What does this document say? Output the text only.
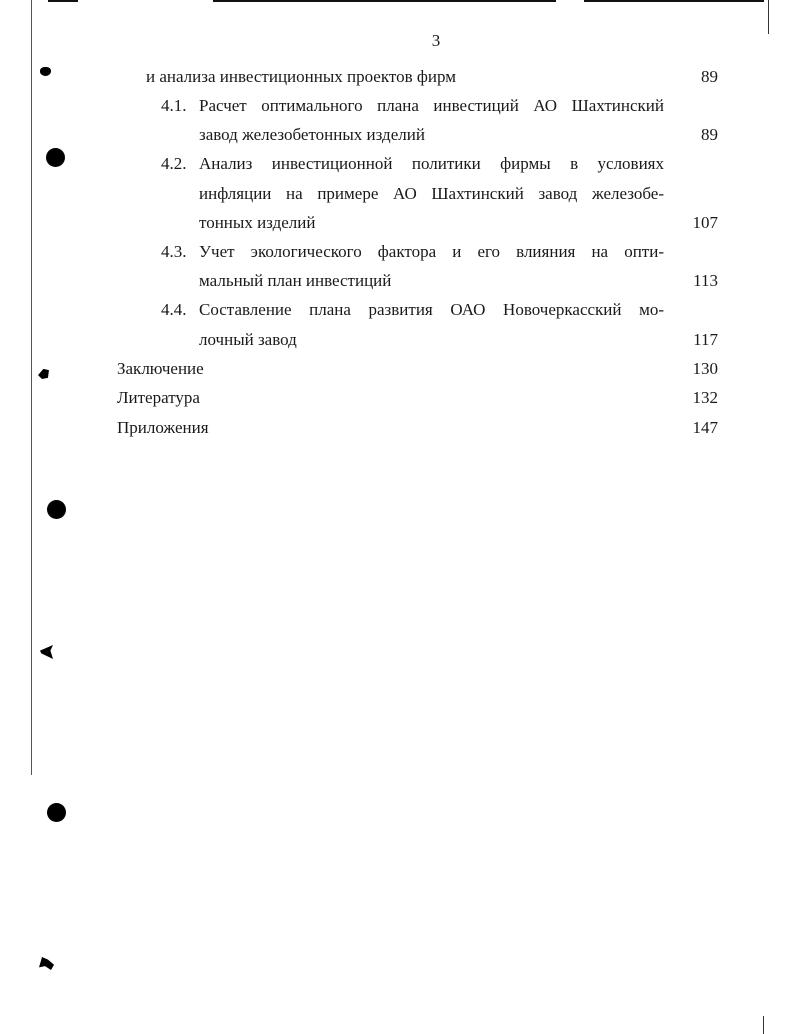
3
и анализа инвестиционных проектов фирм	89
4.1. Расчет оптимального плана инвестиций АО Шахтинский
завод железобетонных изделий	89
4.2. Анализ инвестиционной политики фирмы в условиях
инфляции на примере АО Шахтинский завод железобе-
тонных изделий	107
4.3. Учет экологического фактора и его влияния на опти-
мальный план инвестиций	113
4.4. Составление плана развития ОАО Новочеркасский мо-
лочный завод	117
Заключение	130
Литература	132
Приложения	147
